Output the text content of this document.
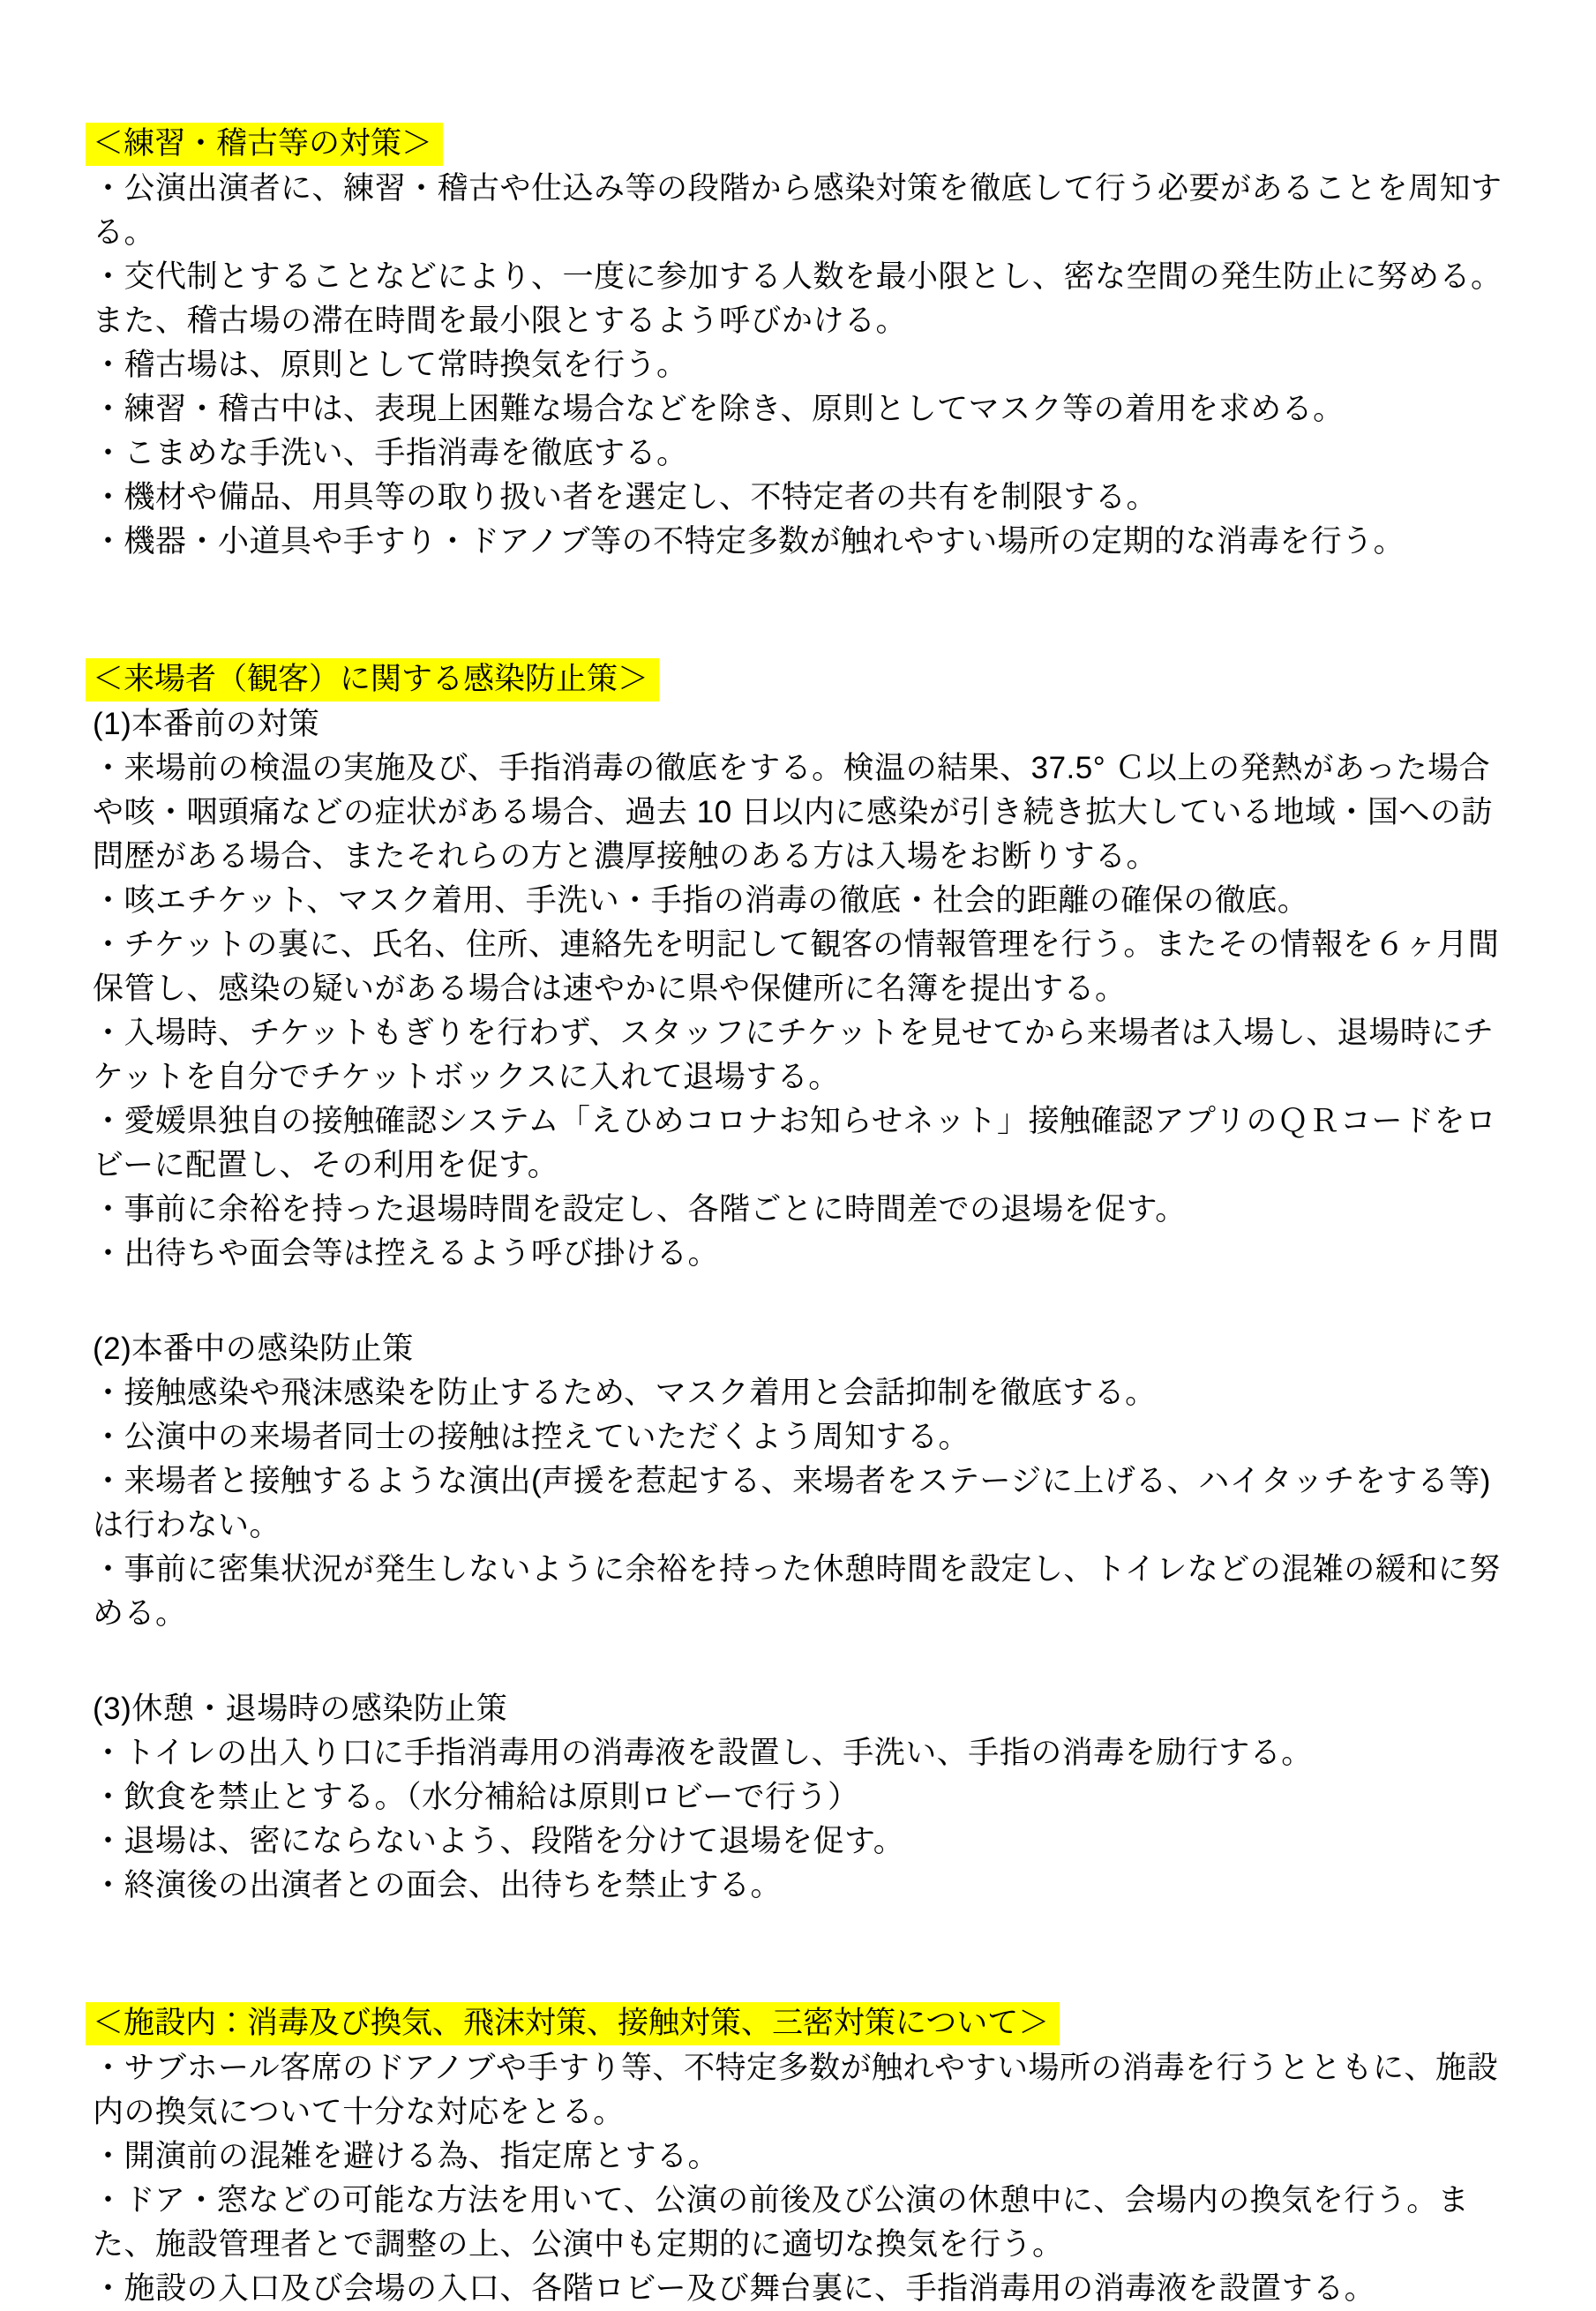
＜練習・稽古等の対策＞

・公演出演者に、練習・稽古や仕込み等の段階から感染対策を徹底して行う必要があることを周知する。

・交代制とすることなどにより、一度に参加する人数を最小限とし、密な空間の発生防止に努める。また、稽古場の滞在時間を最小限とするよう呼びかける。

・稽古場は、原則として常時換気を行う。

・練習・稽古中は、表現上困難な場合などを除き、原則としてマスク等の着用を求める。

・こまめな手洗い、手指消毒を徹底する。

・機材や備品、用具等の取り扱い者を選定し、不特定者の共有を制限する。

・機器・小道具や手すり・ドアノブ等の不特定多数が触れやすい場所の定期的な消毒を行う。

＜来場者（観客）に関する感染防止策＞

(1)本番前の対策

・来場前の検温の実施及び、手指消毒の徹底をする。検温の結果、37.5° Ｃ以上の発熱があった場合や咳・咽頭痛などの症状がある場合、過去 10 日以内に感染が引き続き拡大している地域・国への訪問歴がある場合、またそれらの方と濃厚接触のある方は入場をお断りする。

・咳エチケット、マスク着用、手洗い・手指の消毒の徹底・社会的距離の確保の徹底。

・チケットの裏に、氏名、住所、連絡先を明記して観客の情報管理を行う。またその情報を６ヶ月間保管し、感染の疑いがある場合は速やかに県や保健所に名簿を提出する。

・入場時、チケットもぎりを行わず、スタッフにチケットを見せてから来場者は入場し、退場時にチケットを自分でチケットボックスに入れて退場する。

・愛媛県独自の接触確認システム「えひめコロナお知らせネット」接触確認アプリのＱＲコードをロビーに配置し、その利用を促す。

・事前に余裕を持った退場時間を設定し、各階ごとに時間差での退場を促す。

・出待ちや面会等は控えるよう呼び掛ける。

(2)本番中の感染防止策

・接触感染や飛沫感染を防止するため、マスク着用と会話抑制を徹底する。

・公演中の来場者同士の接触は控えていただくよう周知する。

・来場者と接触するような演出(声援を惹起する、来場者をステージに上げる、ハイタッチをする等)は行わない。

・事前に密集状況が発生しないように余裕を持った休憩時間を設定し、トイレなどの混雑の緩和に努める。

(3)休憩・退場時の感染防止策

・トイレの出入り口に手指消毒用の消毒液を設置し、手洗い、手指の消毒を励行する。

・飲食を禁止とする。（水分補給は原則ロビーで行う）

・退場は、密にならないよう、段階を分けて退場を促す。

・終演後の出演者との面会、出待ちを禁止する。

＜施設内：消毒及び換気、飛沫対策、接触対策、三密対策について＞

・サブホール客席のドアノブや手すり等、不特定多数が触れやすい場所の消毒を行うとともに、施設内の換気について十分な対応をとる。

・開演前の混雑を避ける為、指定席とする。

・ドア・窓などの可能な方法を用いて、公演の前後及び公演の休憩中に、会場内の換気を行う。また、施設管理者とで調整の上、公演中も定期的に適切な換気を行う。

・施設の入口及び会場の入口、各階ロビー及び舞台裏に、手指消毒用の消毒液を設置する。
